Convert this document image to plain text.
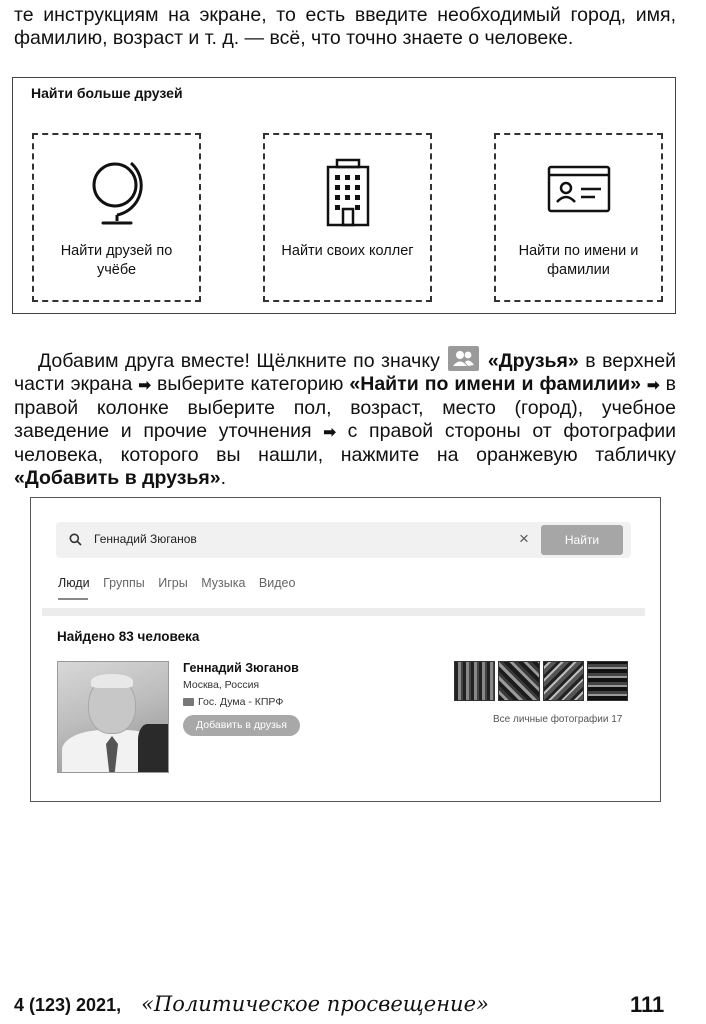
те инструкциям на экране, то есть введите необходимый город, имя, фамилию, возраст и т. д. — всё, что точно знаете о человеке.

Найти больше друзей
Найти друзей по учёбе
Найти своих коллег	Найти по имени и фамилии

Добавим друга вместе! Щёлкните по значку «Друзья» в верхней части экрана ➡ выберите категорию «Найти по имени и фамилии» ➡ в правой колонке выберите пол, возраст, место (город), учебное заведение и прочие уточнения ➡ с правой стороны от фотографии человека, которого вы нашли, нажмите на оранжевую табличку «Добавить в друзья».

Геннадий Зюганов	×	Найти
Люди Группы Игры Музыка Видео
Найдено 83 человека
Геннадий Зюганов
Москва, Россия
Гос. Дума - КПРФ
Добавить в друзья	Все личные фотографии 17
4 (123) 2021, «Политическое просвещение»	111
